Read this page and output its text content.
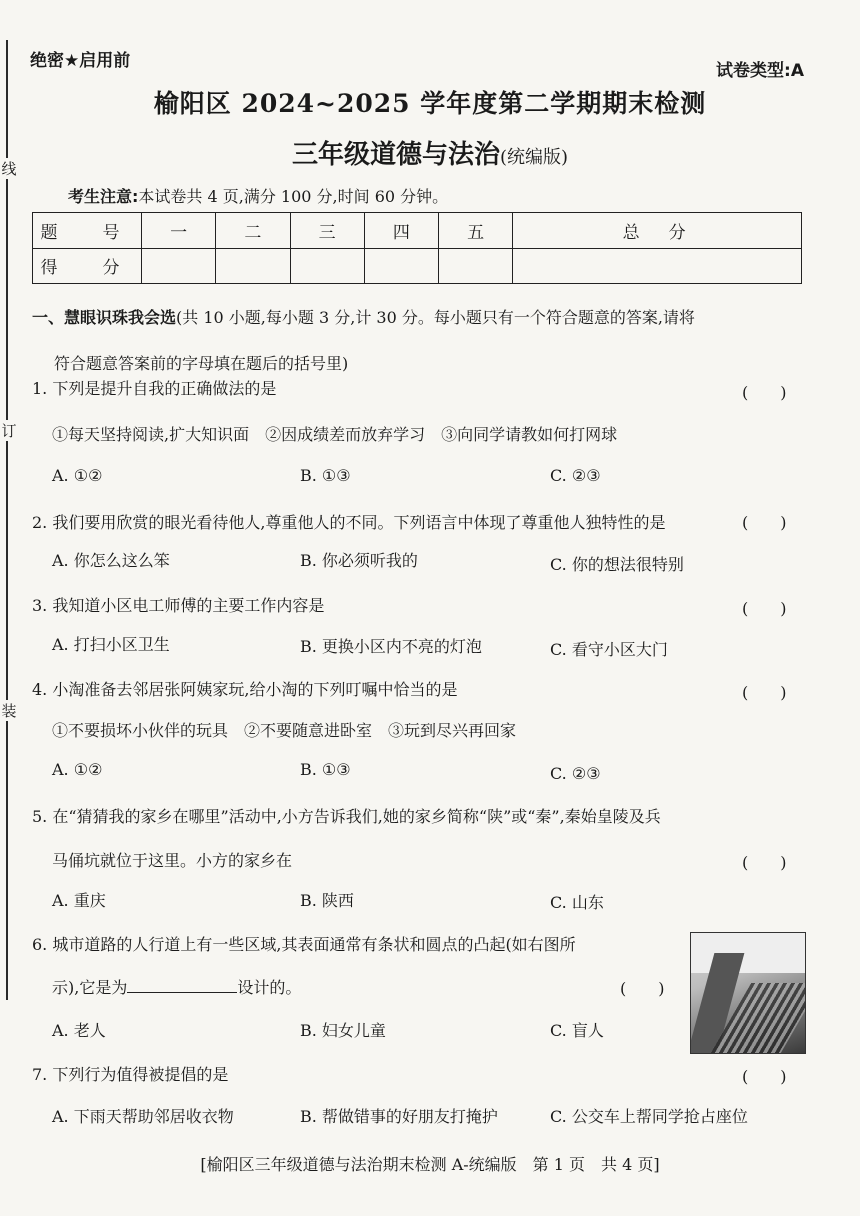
线
订
装
绝密★启用前	试卷类型:A
榆阳区 2024~2025 学年度第二学期期末检测
三年级道德与法治(统编版)
考生注意:本试卷共 4 页,满分 100 分,时间 60 分钟。
题　号	一	二	三	四	五	总　分
得　分						
一、慧眼识珠我会选(共 10 小题,每小题 3 分,计 30 分。每小题只有一个符合题意的答案,请将
符合题意答案前的字母填在题后的括号里)
1. 下列是提升自我的正确做法的是	(　　)
①每天坚持阅读,扩大知识面　②因成绩差而放弃学习　③向同学请教如何打网球
A. ①②	B. ①③	C. ②③
2. 我们要用欣赏的眼光看待他人,尊重他人的不同。下列语言中体现了尊重他人独特性的是	(　　)
A. 你怎么这么笨	B. 你必须听我的	C. 你的想法很特别
3. 我知道小区电工师傅的主要工作内容是	(　　)
A. 打扫小区卫生	B. 更换小区内不亮的灯泡	C. 看守小区大门
4. 小淘准备去邻居张阿姨家玩,给小淘的下列叮嘱中恰当的是	(　　)
①不要损坏小伙伴的玩具　②不要随意进卧室　③玩到尽兴再回家
A. ①②	B. ①③	C. ②③
5. 在“猜猜我的家乡在哪里”活动中,小方告诉我们,她的家乡简称“陕”或“秦”,秦始皇陵及兵
马俑坑就位于这里。小方的家乡在	(　　)
A. 重庆	B. 陕西	C. 山东
6. 城市道路的人行道上有一些区域,其表面通常有条状和圆点的凸起(如右图所
示),它是为	设计的。	(　　)
A. 老人	B. 妇女儿童	C. 盲人
7. 下列行为值得被提倡的是	(　　)
A. 下雨天帮助邻居收衣物	B. 帮做错事的好朋友打掩护	C. 公交车上帮同学抢占座位
[榆阳区三年级道德与法治期末检测 A-统编版　第 1 页　共 4 页]
